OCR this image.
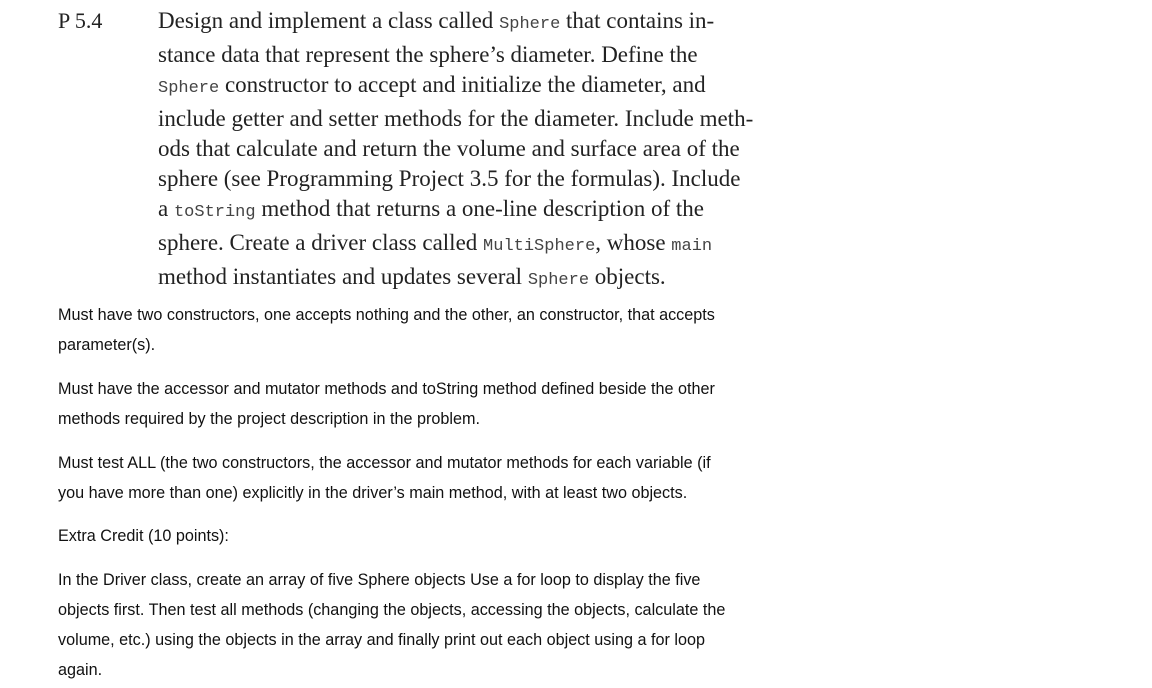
P 5.4 Design and implement a class called Sphere that contains in-
stance data that represent the sphere’s diameter. Define the
Sphere constructor to accept and initialize the diameter, and
include getter and setter methods for the diameter. Include meth-
ods that calculate and return the volume and surface area of the
sphere (see Programming Project 3.5 for the formulas). Include
a toString method that returns a one-line description of the
sphere. Create a driver class called MultiSphere, whose main
method instantiates and updates several Sphere objects.

Must have two constructors, one accepts nothing and the other, an constructor, that accepts

parameter(s).

Must have the accessor and mutator methods and toString method defined beside the other

methods required by the project description in the problem.

Must test ALL (the two constructors, the accessor and mutator methods for each variable (if

you have more than one) explicitly in the driver’s main method, with at least two objects.

Extra Credit (10 points):

In the Driver class, create an array of five Sphere objects Use a for loop to display the five

objects first. Then test all methods (changing the objects, accessing the objects, calculate the

volume, etc.) using the objects in the array and finally print out each object using a for loop

again.
